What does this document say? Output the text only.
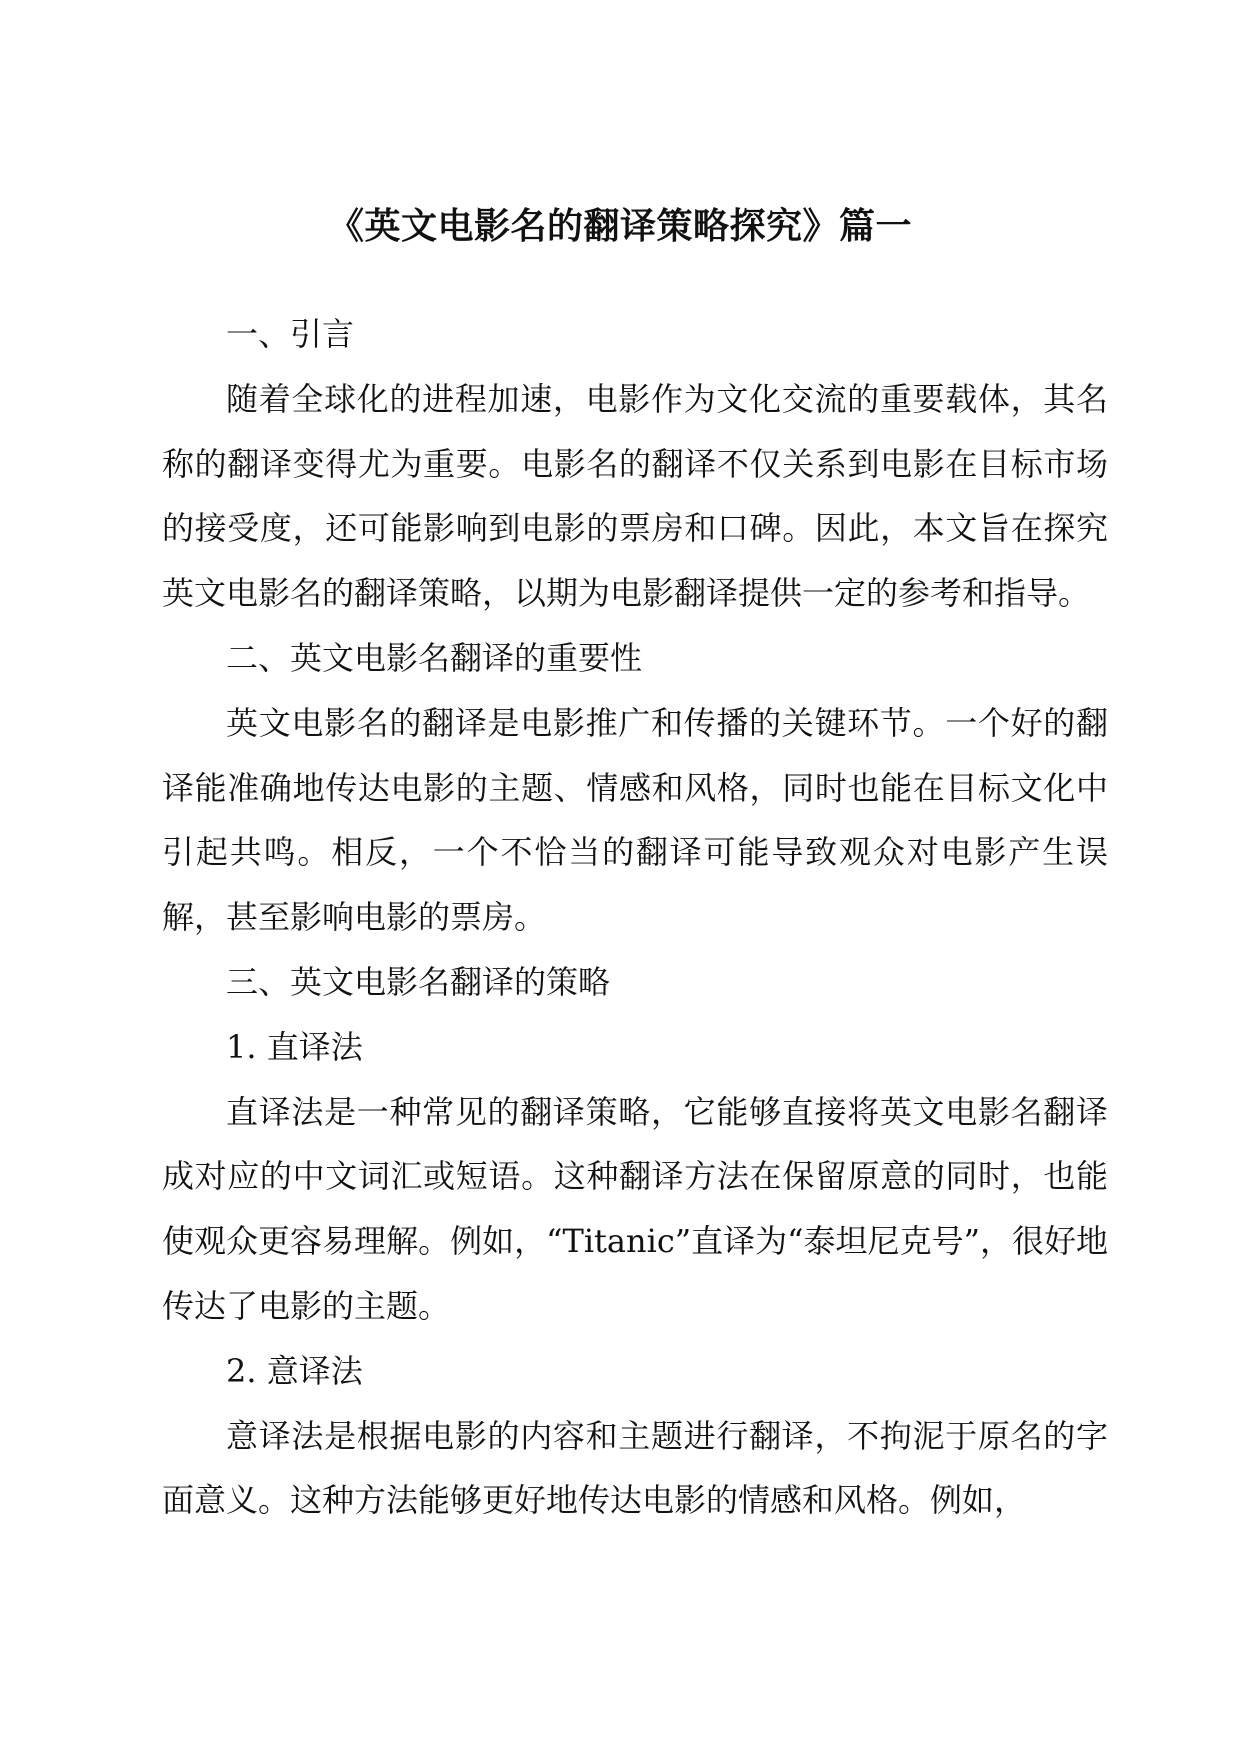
《英文电影名的翻译策略探究》篇一

一、引言

随着全球化的进程加速，电影作为文化交流的重要载体，其名称的翻译变得尤为重要。电影名的翻译不仅关系到电影在目标市场的接受度，还可能影响到电影的票房和口碑。因此，本文旨在探究英文电影名的翻译策略，以期为电影翻译提供一定的参考和指导。

二、英文电影名翻译的重要性

英文电影名的翻译是电影推广和传播的关键环节。一个好的翻译能准确地传达电影的主题、情感和风格，同时也能在目标文化中引起共鸣。相反，一个不恰当的翻译可能导致观众对电影产生误解，甚至影响电影的票房。

三、英文电影名翻译的策略

1. 直译法

直译法是一种常见的翻译策略，它能够直接将英文电影名翻译成对应的中文词汇或短语。这种翻译方法在保留原意的同时，也能使观众更容易理解。例如，“Titanic”直译为“泰坦尼克号”，很好地传达了电影的主题。

2. 意译法

意译法是根据电影的内容和主题进行翻译，不拘泥于原名的字面意义。这种方法能够更好地传达电影的情感和风格。例如，
